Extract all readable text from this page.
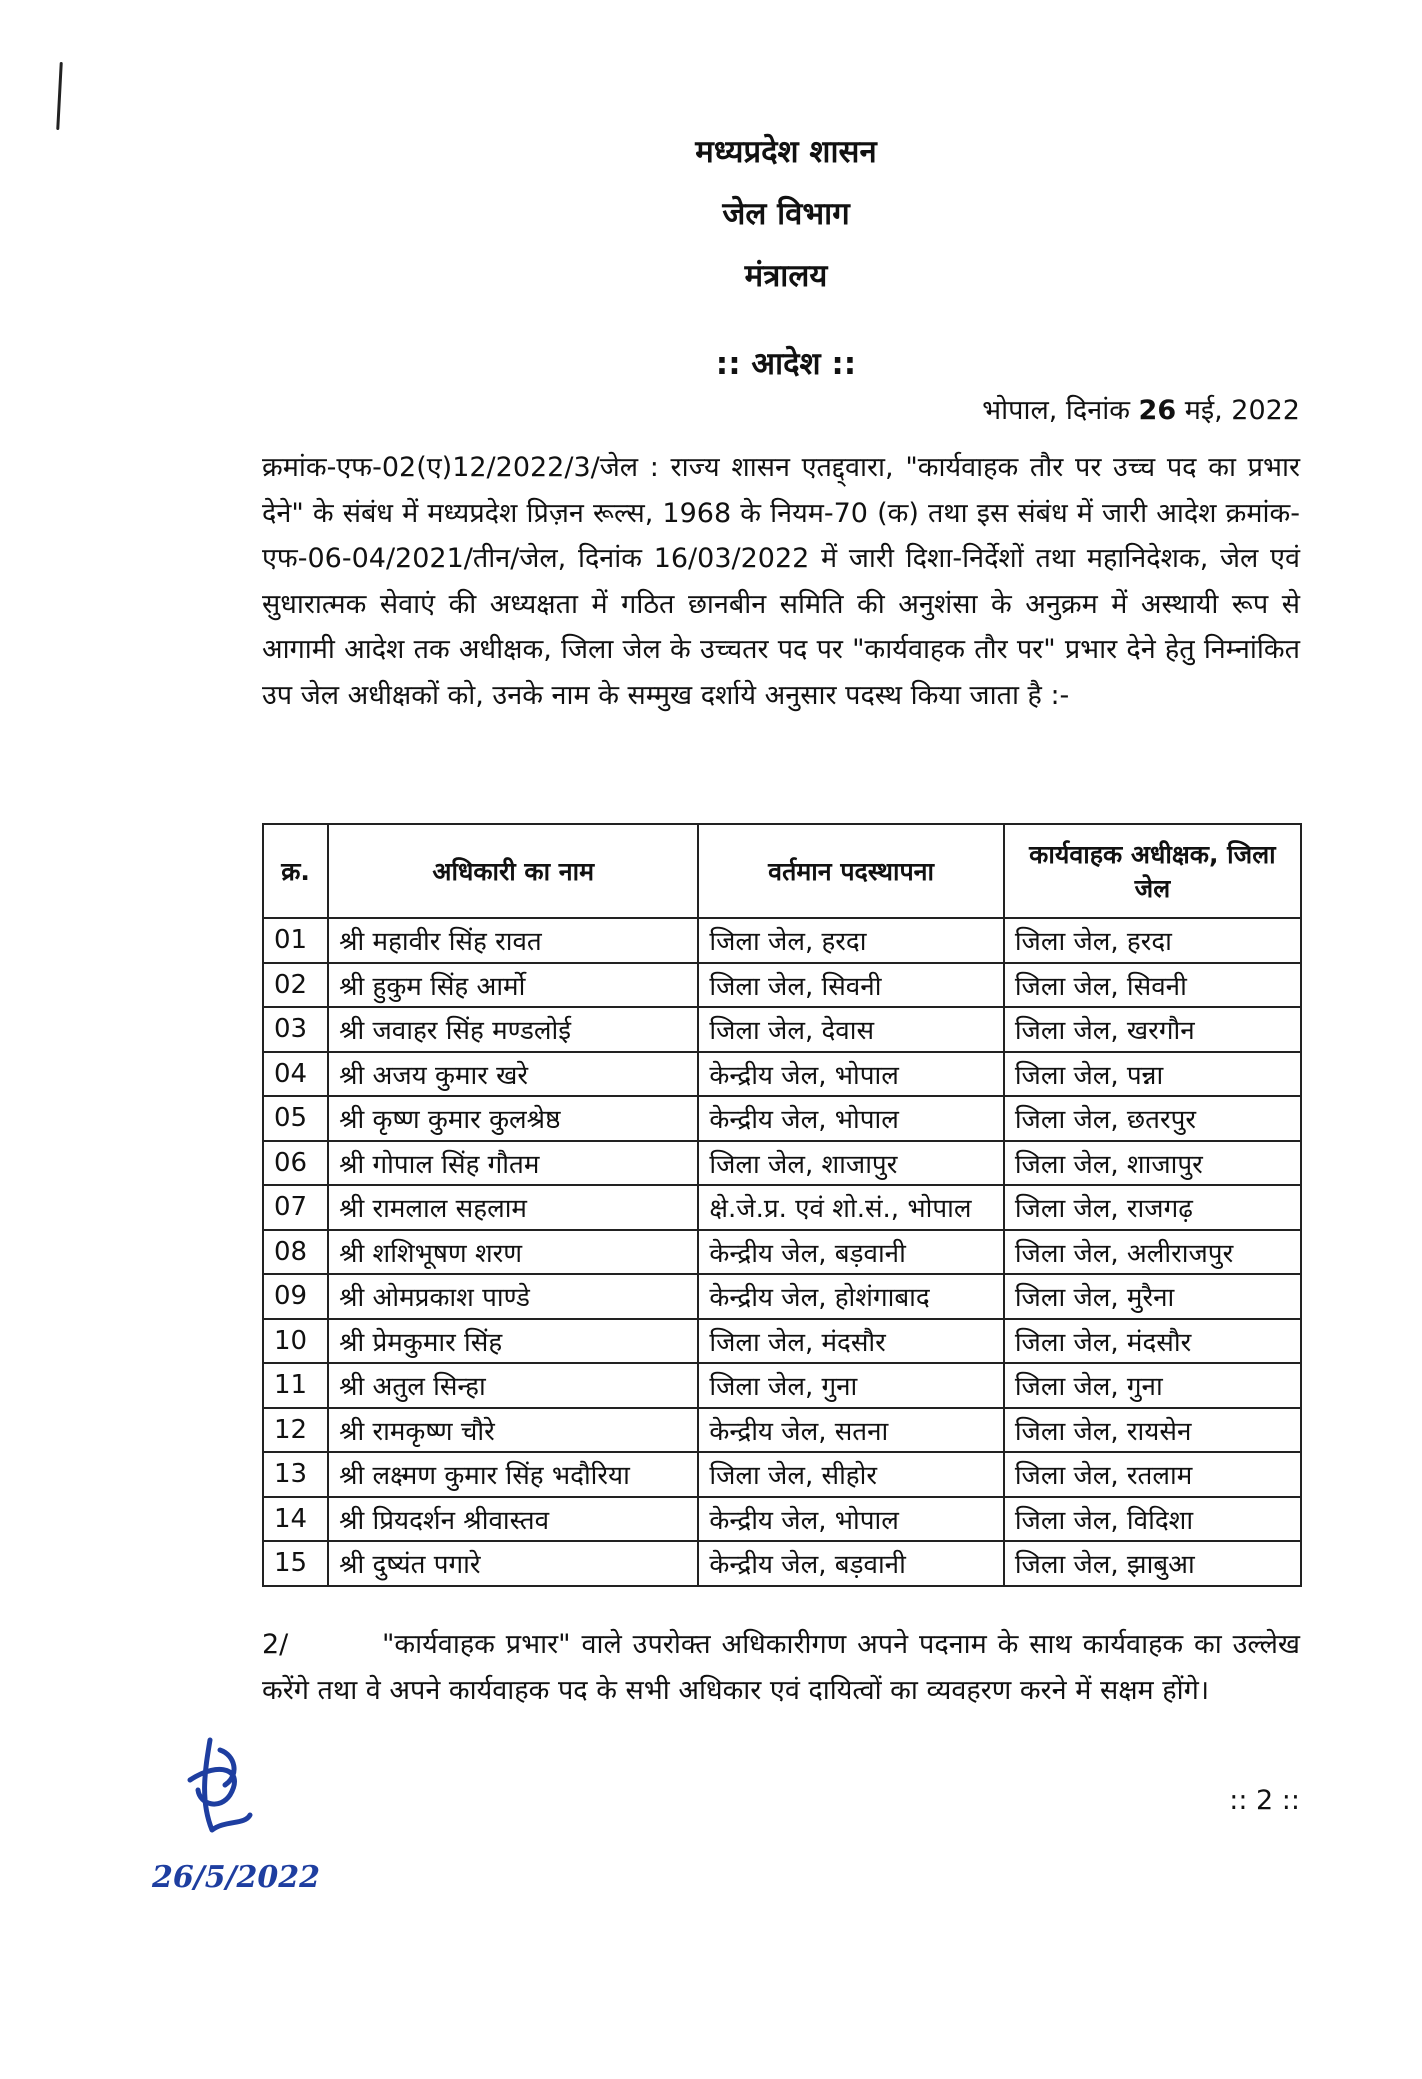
मध्यप्रदेश शासन
जेल विभाग
मंत्रालय
:: आदेश ::
भोपाल, दिनांक 26 मई, 2022
क्रमांक-एफ-02(ए)12/2022/3/जेल : राज्य शासन एतद्द्वारा, "कार्यवाहक तौर पर उच्च पद का प्रभार देने" के संबंध में मध्यप्रदेश प्रिज़न रूल्स, 1968 के नियम-70 (क) तथा इस संबंध में जारी आदेश क्रमांक-एफ-06-04/2021/तीन/जेल, दिनांक 16/03/2022 में जारी दिशा-निर्देशों तथा महानिदेशक, जेल एवं सुधारात्मक सेवाएं की अध्यक्षता में गठित छानबीन समिति की अनुशंसा के अनुक्रम में अस्थायी रूप से आगामी आदेश तक अधीक्षक, जिला जेल के उच्चतर पद पर "कार्यवाहक तौर पर" प्रभार देने हेतु निम्नांकित उप जेल अधीक्षकों को, उनके नाम के सम्मुख दर्शाये अनुसार पदस्थ किया जाता है :-
क्र.	अधिकारी का नाम	वर्तमान पदस्थापना	कार्यवाहक अधीक्षक, जिला जेल
01	श्री महावीर सिंह रावत	जिला जेल, हरदा	जिला जेल, हरदा
02	श्री हुकुम सिंह आर्मो	जिला जेल, सिवनी	जिला जेल, सिवनी
03	श्री जवाहर सिंह मण्डलोई	जिला जेल, देवास	जिला जेल, खरगौन
04	श्री अजय कुमार खरे	केन्द्रीय जेल, भोपाल	जिला जेल, पन्ना
05	श्री कृष्ण कुमार कुलश्रेष्ठ	केन्द्रीय जेल, भोपाल	जिला जेल, छतरपुर
06	श्री गोपाल सिंह गौतम	जिला जेल, शाजापुर	जिला जेल, शाजापुर
07	श्री रामलाल सहलाम	क्षे.जे.प्र. एवं शो.सं., भोपाल	जिला जेल, राजगढ़
08	श्री शशिभूषण शरण	केन्द्रीय जेल, बड़वानी	जिला जेल, अलीराजपुर
09	श्री ओमप्रकाश पाण्डे	केन्द्रीय जेल, होशंगाबाद	जिला जेल, मुरैना
10	श्री प्रेमकुमार सिंह	जिला जेल, मंदसौर	जिला जेल, मंदसौर
11	श्री अतुल सिन्हा	जिला जेल, गुना	जिला जेल, गुना
12	श्री रामकृष्ण चौरे	केन्द्रीय जेल, सतना	जिला जेल, रायसेन
13	श्री लक्ष्मण कुमार सिंह भदौरिया	जिला जेल, सीहोर	जिला जेल, रतलाम
14	श्री प्रियदर्शन श्रीवास्तव	केन्द्रीय जेल, भोपाल	जिला जेल, विदिशा
15	श्री दुष्यंत पगारे	केन्द्रीय जेल, बड़वानी	जिला जेल, झाबुआ
2/	"कार्यवाहक प्रभार" वाले उपरोक्त अधिकारीगण अपने पदनाम के साथ कार्यवाहक का उल्लेख करेंगे तथा वे अपने कार्यवाहक पद के सभी अधिकार एवं दायित्वों का व्यवहरण करने में सक्षम होंगे।
:: 2 ::
26/5/2022
